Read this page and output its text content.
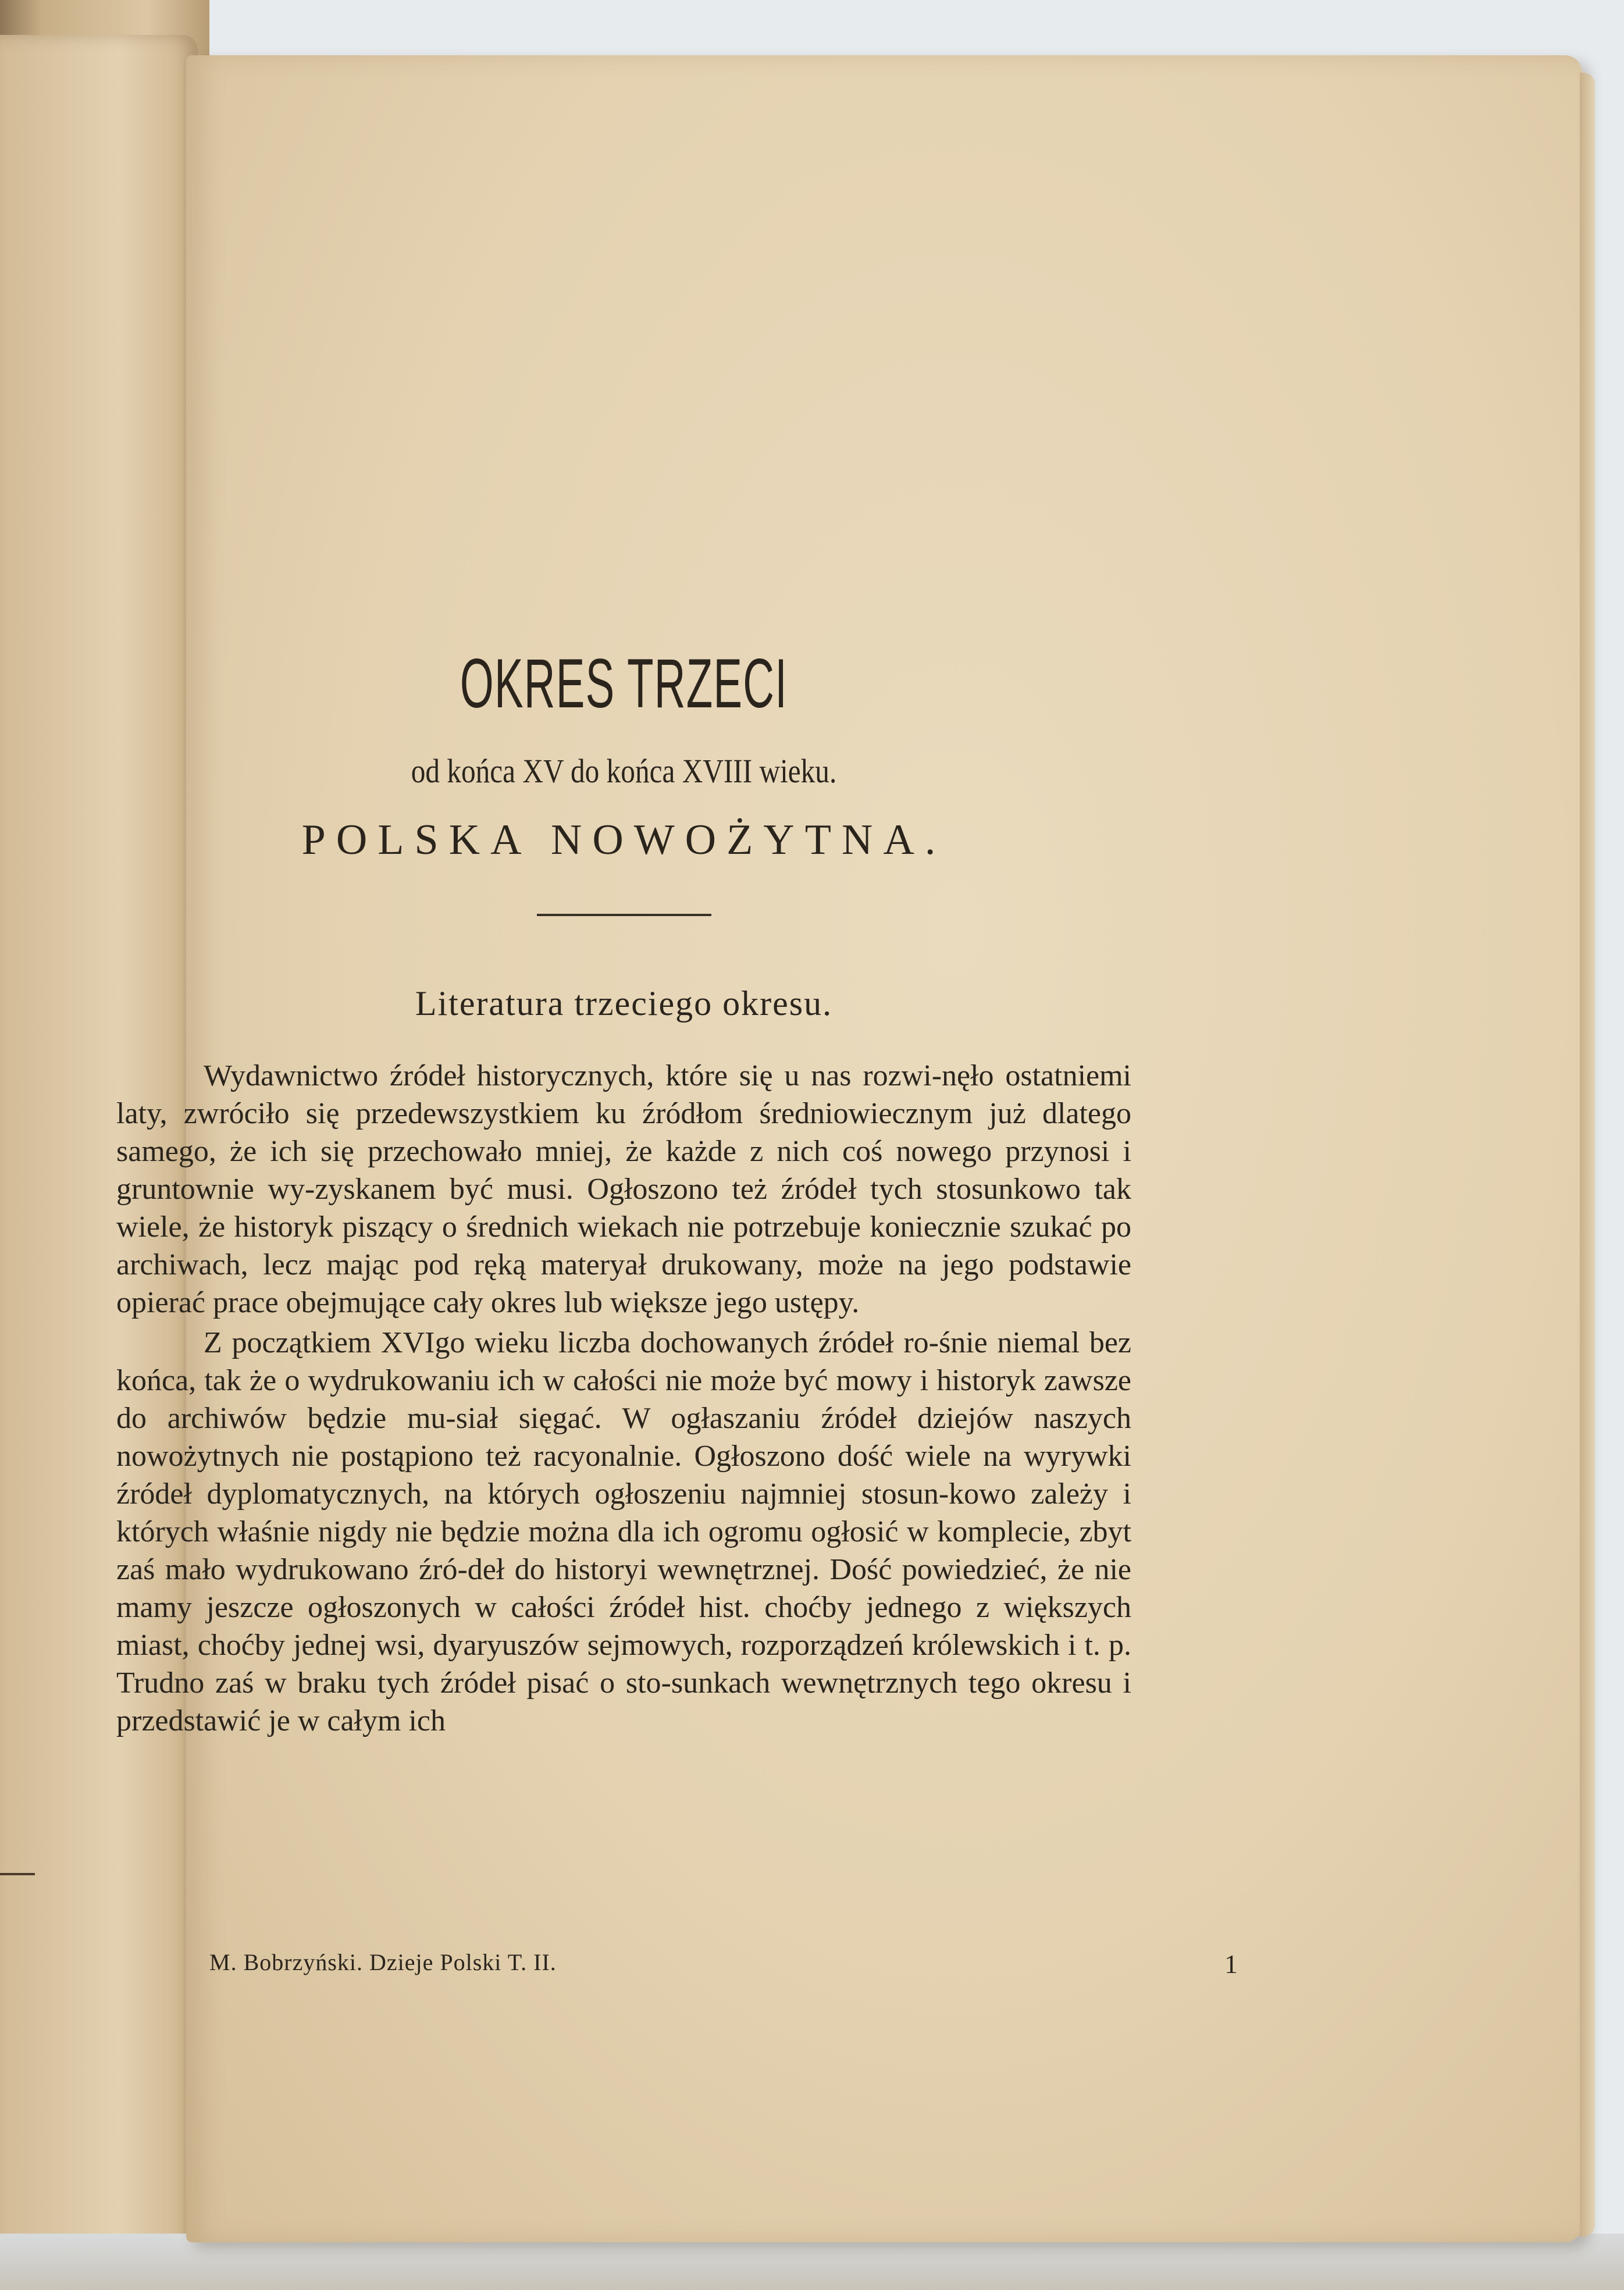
OKRES TRZECI
od końca XV do końca XVIII wieku.
POLSKA NOWOŻYTNA.
Literatura trzeciego okresu.

Wydawnictwo źródeł historycznych, które się u nas rozwi-nęło ostatniemi laty, zwróciło się przedewszystkiem ku źródłom średniowiecznym już dlatego samego, że ich się przechowało mniej, że każde z nich coś nowego przynosi i gruntownie wy-zyskanem być musi. Ogłoszono też źródeł tych stosunkowo tak wiele, że historyk piszący o średnich wiekach nie potrzebuje koniecznie szukać po archiwach, lecz mając pod ręką materyał drukowany, może na jego podstawie opierać prace obejmujące cały okres lub większe jego ustępy.

Z początkiem XVIgo wieku liczba dochowanych źródeł ro-śnie niemal bez końca, tak że o wydrukowaniu ich w całości nie może być mowy i historyk zawsze do archiwów będzie mu-siał sięgać. W ogłaszaniu źródeł dziejów naszych nowożytnych nie postąpiono też racyonalnie. Ogłoszono dość wiele na wyrywki źródeł dyplomatycznych, na których ogłoszeniu najmniej stosun-kowo zależy i których właśnie nigdy nie będzie można dla ich ogromu ogłosić w komplecie, zbyt zaś mało wydrukowano źró-deł do historyi wewnętrznej. Dość powiedzieć, że nie mamy jeszcze ogłoszonych w całości źródeł hist. choćby jednego z większych miast, choćby jednej wsi, dyaryuszów sejmowych, rozporządzeń królewskich i t. p. Trudno zaś w braku tych źródeł pisać o sto-sunkach wewnętrznych tego okresu i przedstawić je w całym ich

M. Bobrzyński. Dzieje Polski T. II.	1
